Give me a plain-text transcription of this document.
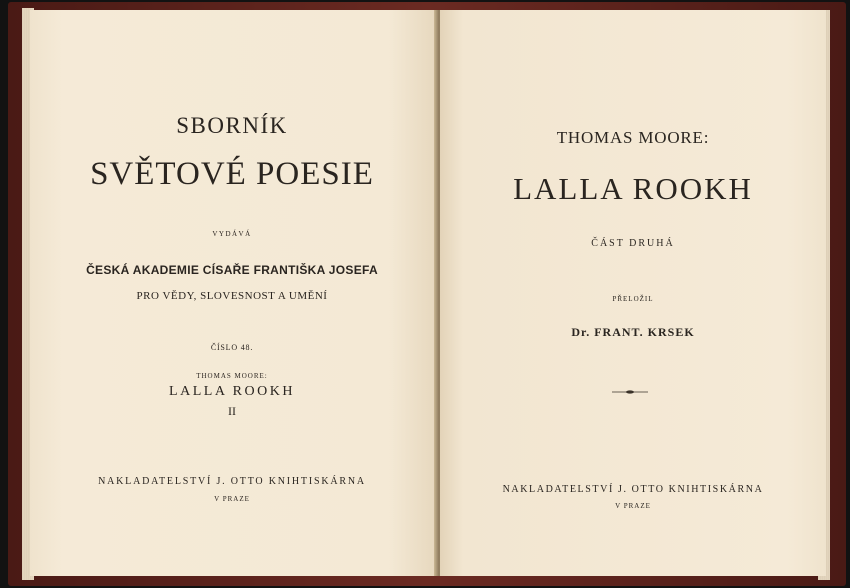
SBORNÍK
SVĚTOVÉ POESIE
VYDÁVÁ
ČESKÁ AKADEMIE CÍSAŘE FRANTIŠKA JOSEFA
PRO VĚDY, SLOVESNOST A UMĚNÍ
ČÍSLO 48.
THOMAS MOORE:
LALLA ROOKH
II
NAKLADATELSTVÍ J. OTTO KNIHTISKÁRNA
V PRAZE
THOMAS MOORE:
LALLA ROOKH
ČÁST DRUHÁ
PŘELOŽIL
Dr. FRANT. KRSEK
NAKLADATELSTVÍ J. OTTO KNIHTISKÁRNA
V PRAZE
